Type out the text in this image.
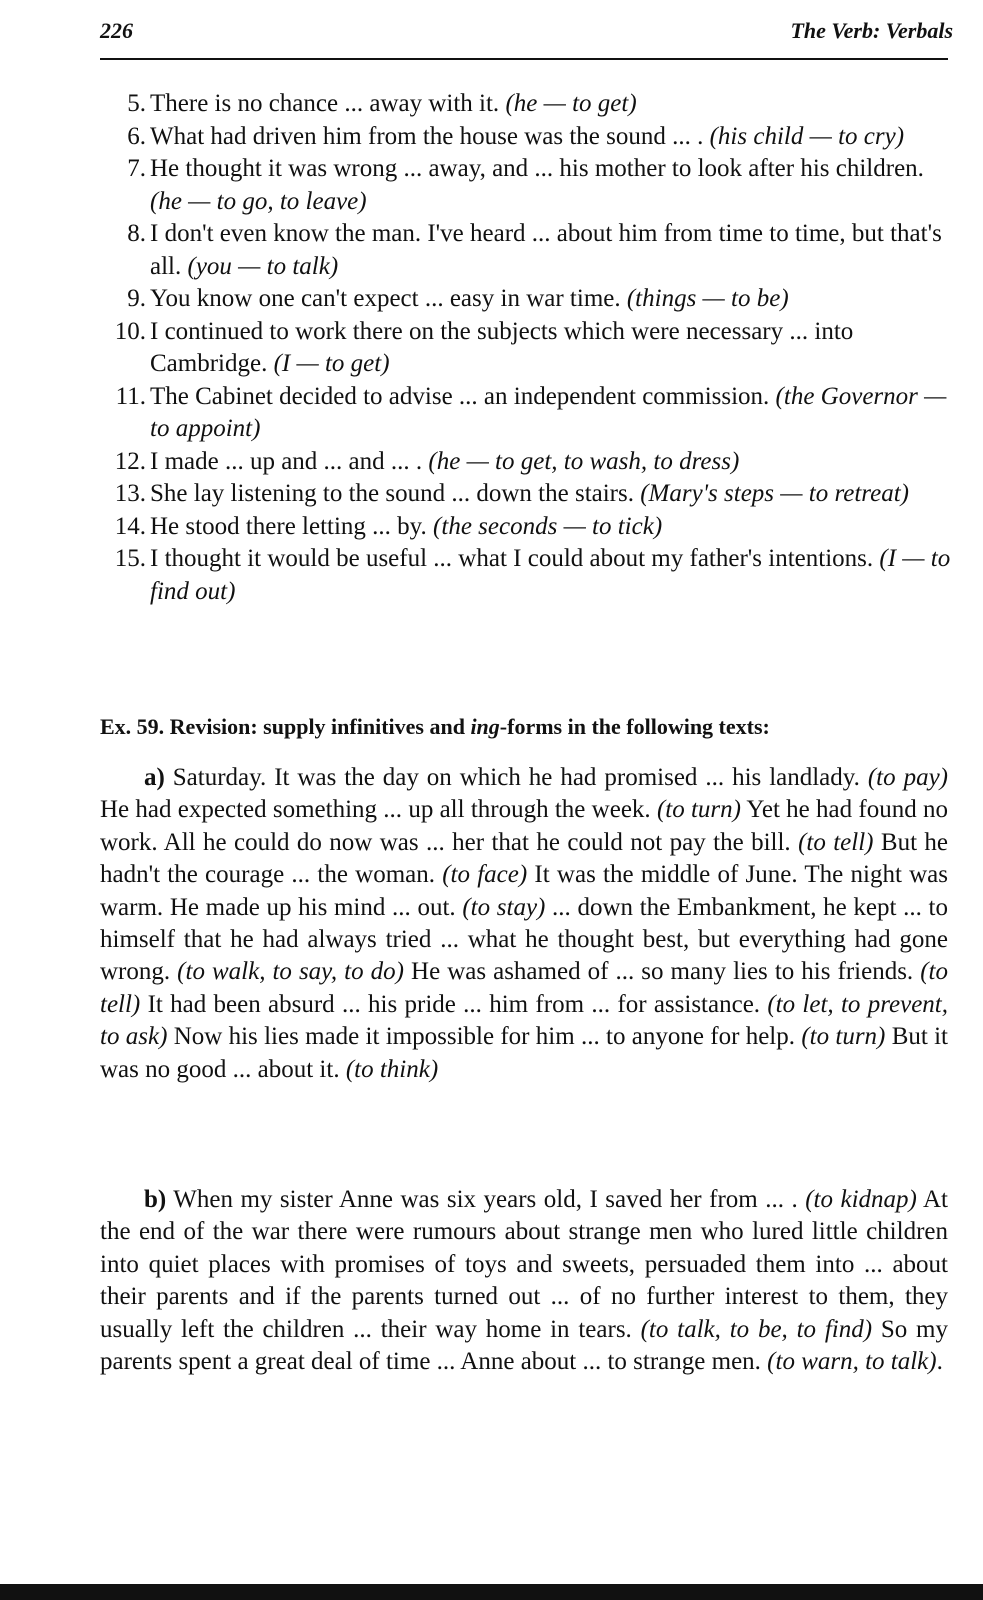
226	The Verb: Verbals
5. There is no chance ... away with it. (he — to get)
6. What had driven him from the house was the sound ... . (his child — to cry)
7. He thought it was wrong ... away, and ... his mother to look after his children. (he — to go, to leave)
8. I don't even know the man. I've heard ... about him from time to time, but that's all. (you — to talk)
9. You know one can't expect ... easy in war time. (things — to be)
10. I continued to work there on the subjects which were necessary ... into Cambridge. (I — to get)
11. The Cabinet decided to advise ... an independent commission. (the Governor — to appoint)
12. I made ... up and ... and ... . (he — to get, to wash, to dress)
13. She lay listening to the sound ... down the stairs. (Mary's steps — to retreat)
14. He stood there letting ... by. (the seconds — to tick)
15. I thought it would be useful ... what I could about my father's intentions. (I — to find out)
Ex. 59. Revision: supply infinitives and ing-forms in the following texts:
a) Saturday. It was the day on which he had promised ... his landlady. (to pay) He had expected something ... up all through the week. (to turn) Yet he had found no work. All he could do now was ... her that he could not pay the bill. (to tell) But he hadn't the courage ... the woman. (to face) It was the middle of June. The night was warm. He made up his mind ... out. (to stay) ... down the Embankment, he kept ... to himself that he had always tried ... what he thought best, but everything had gone wrong. (to walk, to say, to do) He was ashamed of ... so many lies to his friends. (to tell) It had been absurd ... his pride ... him from ... for assistance. (to let, to prevent, to ask) Now his lies made it impossible for him ... to anyone for help. (to turn) But it was no good ... about it. (to think)
b) When my sister Anne was six years old, I saved her from ... . (to kidnap) At the end of the war there were rumours about strange men who lured little children into quiet places with promises of toys and sweets, persuaded them into ... about their parents and if the parents turned out ... of no further interest to them, they usually left the children ... their way home in tears. (to talk, to be, to find) So my parents spent a great deal of time ... Anne about ... to strange men. (to warn, to talk).
